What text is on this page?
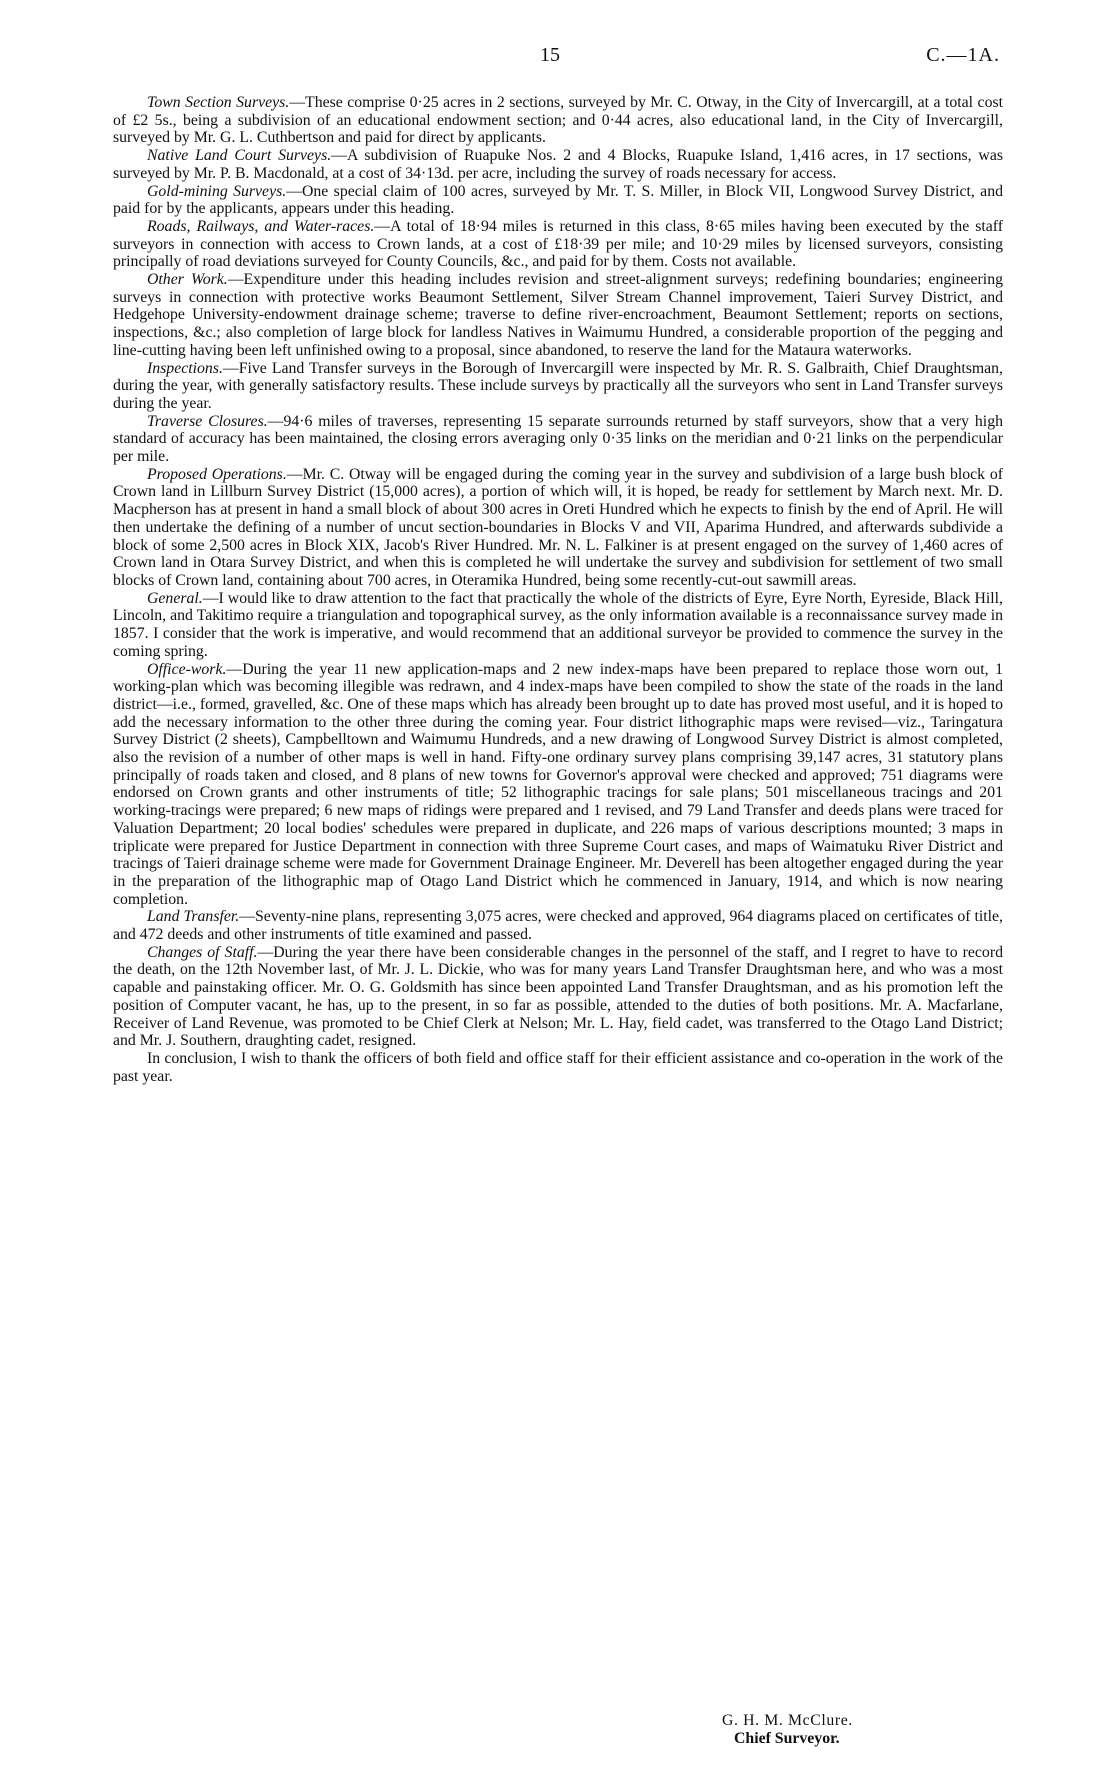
15	C.—1A.

Town Section Surveys.—These comprise 0·25 acres in 2 sections, surveyed by Mr. C. Otway, in the City of Invercargill, at a total cost of £2 5s., being a subdivision of an educational endowment section; and 0·44 acres, also educational land, in the City of Invercargill, surveyed by Mr. G. L. Cuthbertson and paid for direct by applicants.

Native Land Court Surveys.—A subdivision of Ruapuke Nos. 2 and 4 Blocks, Ruapuke Island, 1,416 acres, in 17 sections, was surveyed by Mr. P. B. Macdonald, at a cost of 34·13d. per acre, including the survey of roads necessary for access.

Gold-mining Surveys.—One special claim of 100 acres, surveyed by Mr. T. S. Miller, in Block VII, Longwood Survey District, and paid for by the applicants, appears under this heading.

Roads, Railways, and Water-races.—A total of 18·94 miles is returned in this class, 8·65 miles having been executed by the staff surveyors in connection with access to Crown lands, at a cost of £18·39 per mile; and 10·29 miles by licensed surveyors, consisting principally of road deviations surveyed for County Councils, &c., and paid for by them. Costs not available.

Other Work.—Expenditure under this heading includes revision and street-alignment surveys; redefining boundaries; engineering surveys in connection with protective works Beaumont Settlement, Silver Stream Channel improvement, Taieri Survey District, and Hedgehope University-endowment drainage scheme; traverse to define river-encroachment, Beaumont Settlement; reports on sections, inspections, &c.; also completion of large block for landless Natives in Waimumu Hundred, a considerable proportion of the pegging and line-cutting having been left unfinished owing to a proposal, since abandoned, to reserve the land for the Mataura waterworks.

Inspections.—Five Land Transfer surveys in the Borough of Invercargill were inspected by Mr. R. S. Galbraith, Chief Draughtsman, during the year, with generally satisfactory results. These include surveys by practically all the surveyors who sent in Land Transfer surveys during the year.

Traverse Closures.—94·6 miles of traverses, representing 15 separate surrounds returned by staff surveyors, show that a very high standard of accuracy has been maintained, the closing errors averaging only 0·35 links on the meridian and 0·21 links on the perpendicular per mile.

Proposed Operations.—Mr. C. Otway will be engaged during the coming year in the survey and subdivision of a large bush block of Crown land in Lillburn Survey District (15,000 acres), a portion of which will, it is hoped, be ready for settlement by March next. Mr. D. Macpherson has at present in hand a small block of about 300 acres in Oreti Hundred which he expects to finish by the end of April. He will then undertake the defining of a number of uncut section-boundaries in Blocks V and VII, Aparima Hundred, and afterwards subdivide a block of some 2,500 acres in Block XIX, Jacob's River Hundred. Mr. N. L. Falkiner is at present engaged on the survey of 1,460 acres of Crown land in Otara Survey District, and when this is completed he will undertake the survey and subdivision for settlement of two small blocks of Crown land, containing about 700 acres, in Oteramika Hundred, being some recently-cut-out sawmill areas.

General.—I would like to draw attention to the fact that practically the whole of the districts of Eyre, Eyre North, Eyreside, Black Hill, Lincoln, and Takitimo require a triangulation and topographical survey, as the only information available is a reconnaissance survey made in 1857. I consider that the work is imperative, and would recommend that an additional surveyor be provided to commence the survey in the coming spring.

Office-work.—During the year 11 new application-maps and 2 new index-maps have been prepared to replace those worn out, 1 working-plan which was becoming illegible was redrawn, and 4 index-maps have been compiled to show the state of the roads in the land district—i.e., formed, gravelled, &c. One of these maps which has already been brought up to date has proved most useful, and it is hoped to add the necessary information to the other three during the coming year. Four district lithographic maps were revised—viz., Taringatura Survey District (2 sheets), Campbelltown and Waimumu Hundreds, and a new drawing of Longwood Survey District is almost completed, also the revision of a number of other maps is well in hand. Fifty-one ordinary survey plans comprising 39,147 acres, 31 statutory plans principally of roads taken and closed, and 8 plans of new towns for Governor's approval were checked and approved; 751 diagrams were endorsed on Crown grants and other instruments of title; 52 lithographic tracings for sale plans; 501 miscellaneous tracings and 201 working-tracings were prepared; 6 new maps of ridings were prepared and 1 revised, and 79 Land Transfer and deeds plans were traced for Valuation Department; 20 local bodies' schedules were prepared in duplicate, and 226 maps of various descriptions mounted; 3 maps in triplicate were prepared for Justice Department in connection with three Supreme Court cases, and maps of Waimatuku River District and tracings of Taieri drainage scheme were made for Government Drainage Engineer. Mr. Deverell has been altogether engaged during the year in the preparation of the lithographic map of Otago Land District which he commenced in January, 1914, and which is now nearing completion.

Land Transfer.—Seventy-nine plans, representing 3,075 acres, were checked and approved, 964 diagrams placed on certificates of title, and 472 deeds and other instruments of title examined and passed.

Changes of Staff.—During the year there have been considerable changes in the personnel of the staff, and I regret to have to record the death, on the 12th November last, of Mr. J. L. Dickie, who was for many years Land Transfer Draughtsman here, and who was a most capable and painstaking officer. Mr. O. G. Goldsmith has since been appointed Land Transfer Draughtsman, and as his promotion left the position of Computer vacant, he has, up to the present, in so far as possible, attended to the duties of both positions. Mr. A. Macfarlane, Receiver of Land Revenue, was promoted to be Chief Clerk at Nelson; Mr. L. Hay, field cadet, was transferred to the Otago Land District; and Mr. J. Southern, draughting cadet, resigned.

In conclusion, I wish to thank the officers of both field and office staff for their efficient assistance and co-operation in the work of the past year.

G. H. M. McClure.
Chief Surveyor.
